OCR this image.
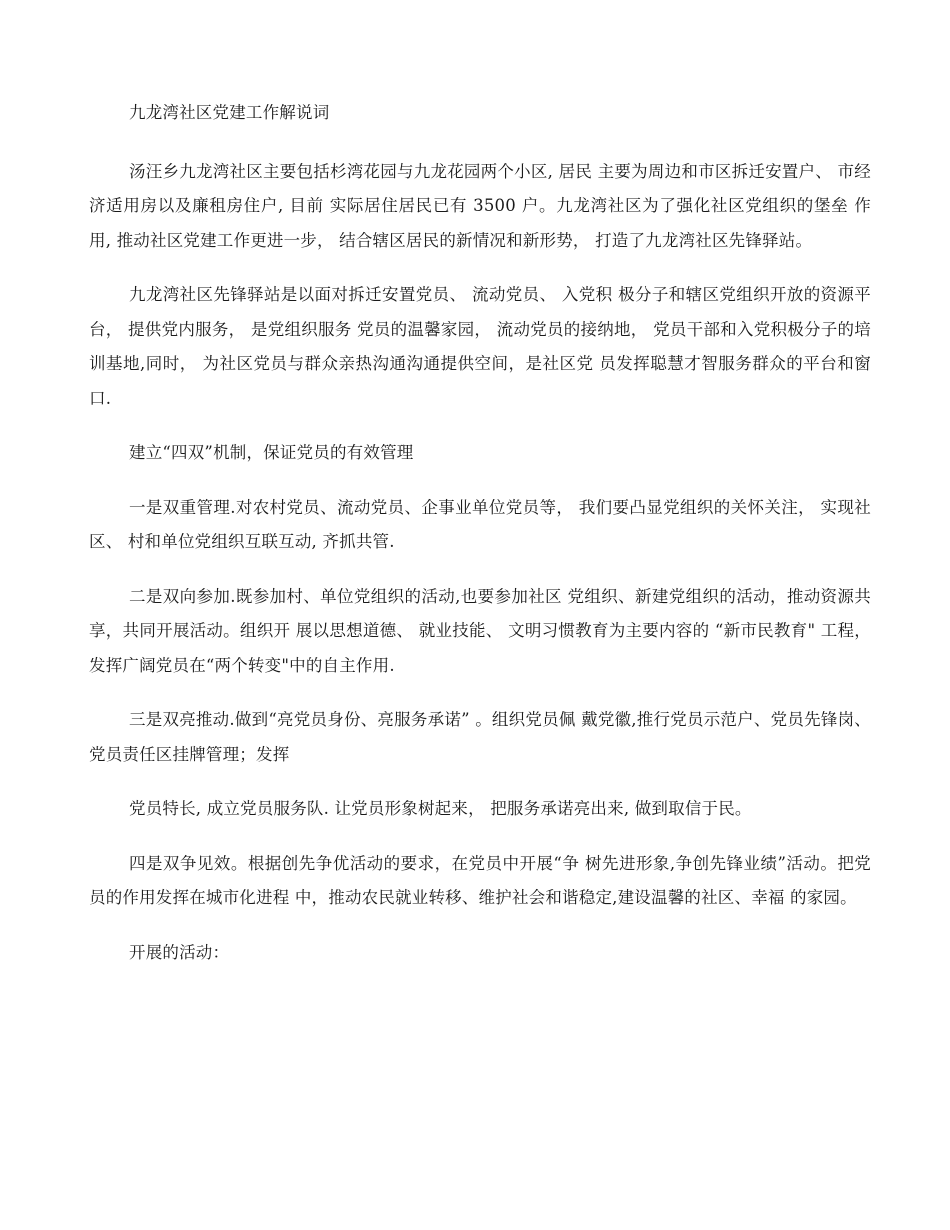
九龙湾社区党建工作解说词

汤汪乡九龙湾社区主要包括杉湾花园与九龙花园两个小区, 居民 主要为周边和市区拆迁安置户、 市经济适用房以及廉租房住户, 目前 实际居住居民已有 3500 户。九龙湾社区为了强化社区党组织的堡垒 作用, 推动社区党建工作更进一步， 结合辖区居民的新情况和新形势， 打造了九龙湾社区先锋驿站。

九龙湾社区先锋驿站是以面对拆迁安置党员、 流动党员、 入党积 极分子和辖区党组织开放的资源平台， 提供党内服务， 是党组织服务 党员的温馨家园， 流动党员的接纳地， 党员干部和入党积极分子的培 训基地,同时， 为社区党员与群众亲热沟通沟通提供空间，是社区党 员发挥聪慧才智服务群众的平台和窗口.

建立“四双”机制，保证党员的有效管理

一是双重管理.对农村党员、流动党员、企事业单位党员等， 我们要凸显党组织的关怀关注， 实现社区、 村和单位党组织互联互动, 齐抓共管.

二是双向参加.既参加村、单位党组织的活动,也要参加社区 党组织、新建党组织的活动，推动资源共享，共同开展活动。组织开 展以思想道德、 就业技能、 文明习惯教育为主要内容的 “新市民教育" 工程，发挥广阔党员在“两个转变"中的自主作用.

三是双亮推动.做到“亮党员身份、亮服务承诺” 。组织党员佩 戴党徽,推行党员示范户、党员先锋岗、党员责任区挂牌管理；发挥

党员特长, 成立党员服务队. 让党员形象树起来， 把服务承诺亮出来, 做到取信于民。

四是双争见效。根据创先争优活动的要求，在党员中开展“争 树先进形象,争创先锋业绩”活动。把党员的作用发挥在城市化进程 中，推动农民就业转移、维护社会和谐稳定,建设温馨的社区、幸福 的家园。

开展的活动：
